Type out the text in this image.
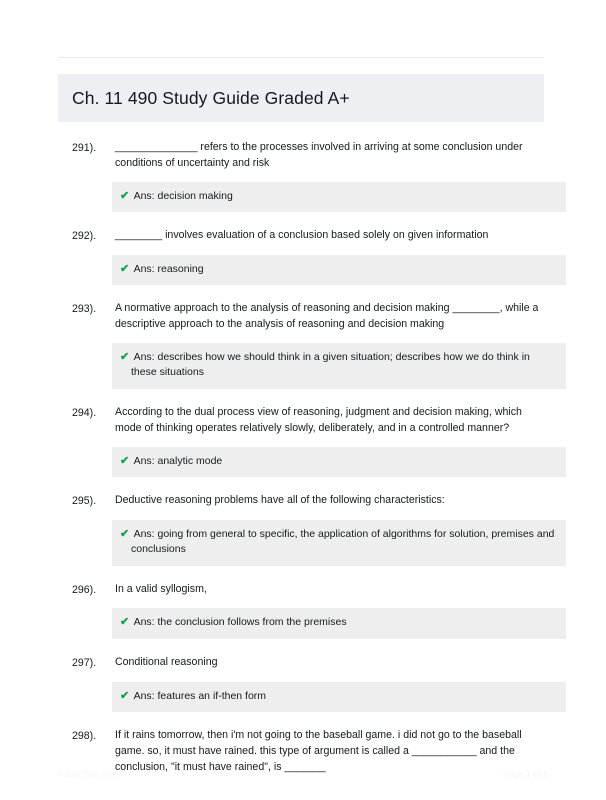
Ch. 11 490 Study Guide Graded A+
291).	______________ refers to the processes involved in arriving at some conclusion under conditions of uncertainty and risk
✔ Ans: decision making
292).	________ involves evaluation of a conclusion based solely on given information
✔ Ans: reasoning
293).	A normative approach to the analysis of reasoning and decision making ________, while a descriptive approach to the analysis of reasoning and decision making
✔ Ans: describes how we should think in a given situation; describes how we do think in these situations
294).	According to the dual process view of reasoning, judgment and decision making, which mode of thinking operates relatively slowly, deliberately, and in a controlled manner?
✔ Ans: analytic mode
295).	Deductive reasoning problems have all of the following characteristics:
✔ Ans: going from general to specific, the application of algorithms for solution, premises and conclusions
296).	In a valid syllogism,
✔ Ans: the conclusion follows from the premises
297).	Conditional reasoning
✔ Ans: features an if-then form
298).	If it rains tomorrow, then i'm not going to the baseball game. i did not go to the baseball game. so, it must have rained. this type of argument is called a ___________ and the conclusion, "it must have rained", is _______
PaperTitle.com	Page 1 of 5
